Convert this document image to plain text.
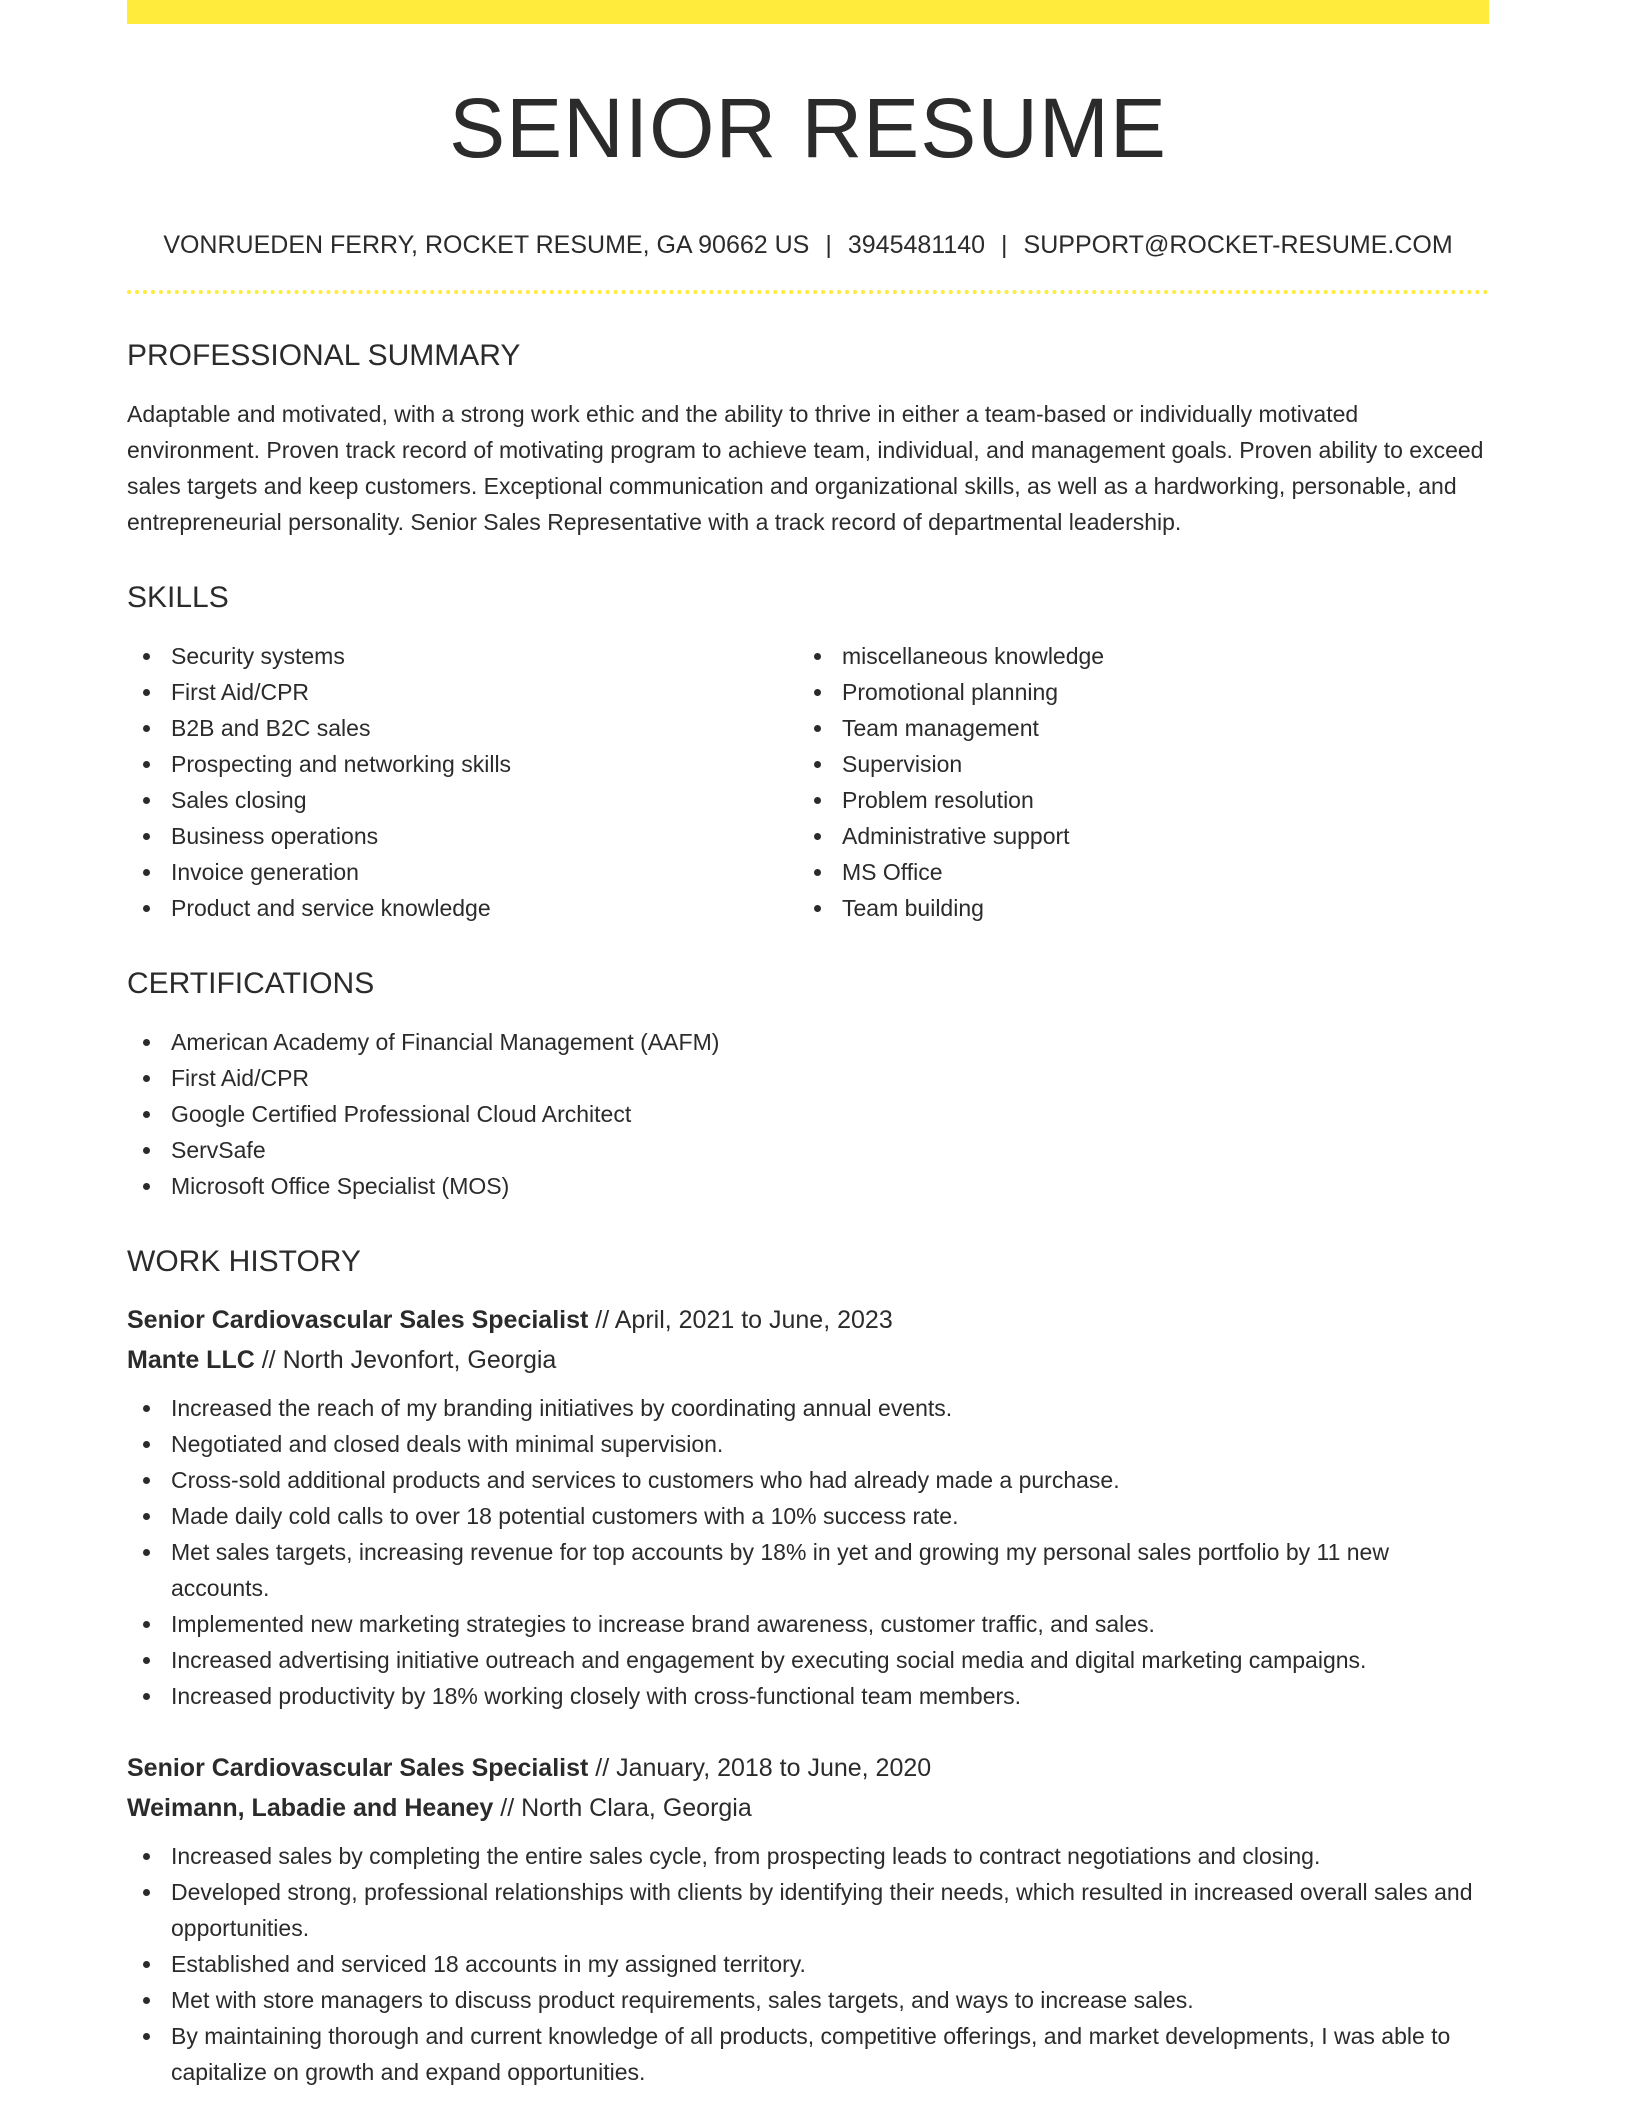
SENIOR RESUME
VONRUEDEN FERRY, ROCKET RESUME, GA 90662 US | 3945481140 | SUPPORT@ROCKET-RESUME.COM
PROFESSIONAL SUMMARY

Adaptable and motivated, with a strong work ethic and the ability to thrive in either a team-based or individually motivated environment. Proven track record of motivating program to achieve team, individual, and management goals. Proven ability to exceed sales targets and keep customers. Exceptional communication and organizational skills, as well as a hardworking, personable, and entrepreneurial personality. Senior Sales Representative with a track record of departmental leadership.

SKILLS
Security systems
First Aid/CPR
B2B and B2C sales
Prospecting and networking skills
Sales closing
Business operations
Invoice generation
Product and service knowledge
miscellaneous knowledge
Promotional planning
Team management
Supervision
Problem resolution
Administrative support
MS Office
Team building
CERTIFICATIONS
American Academy of Financial Management (AAFM)
First Aid/CPR
Google Certified Professional Cloud Architect
ServSafe
Microsoft Office Specialist (MOS)
WORK HISTORY
Senior Cardiovascular Sales Specialist // April, 2021 to June, 2023
Mante LLC // North Jevonfort, Georgia
Increased the reach of my branding initiatives by coordinating annual events.
Negotiated and closed deals with minimal supervision.
Cross-sold additional products and services to customers who had already made a purchase.
Made daily cold calls to over 18 potential customers with a 10% success rate.
Met sales targets, increasing revenue for top accounts by 18% in yet and growing my personal sales portfolio by 11 new accounts.
Implemented new marketing strategies to increase brand awareness, customer traffic, and sales.
Increased advertising initiative outreach and engagement by executing social media and digital marketing campaigns.
Increased productivity by 18% working closely with cross-functional team members.
Senior Cardiovascular Sales Specialist // January, 2018 to June, 2020
Weimann, Labadie and Heaney // North Clara, Georgia
Increased sales by completing the entire sales cycle, from prospecting leads to contract negotiations and closing.
Developed strong, professional relationships with clients by identifying their needs, which resulted in increased overall sales and opportunities.
Established and serviced 18 accounts in my assigned territory.
Met with store managers to discuss product requirements, sales targets, and ways to increase sales.
By maintaining thorough and current knowledge of all products, competitive offerings, and market developments, I was able to capitalize on growth and expand opportunities.
